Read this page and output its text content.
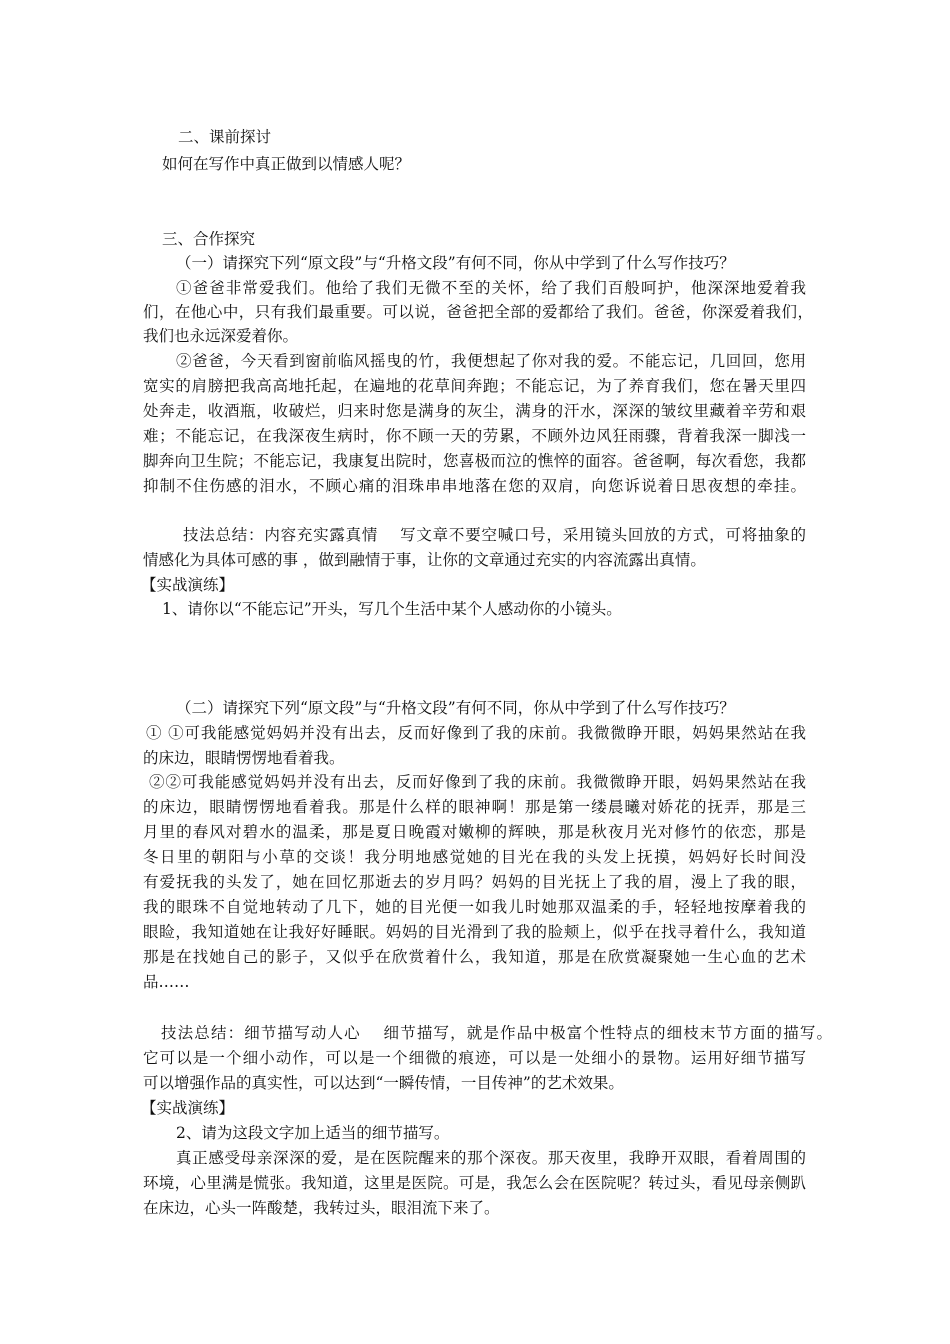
二、课前探讨
如何在写作中真正做到以情感人呢？
三、合作探究
（一）请探究下列“原文段”与“升格文段”有何不同，你从中学到了什么写作技巧？
①爸爸非常爱我们。他给了我们无微不至的关怀，给了我们百般呵护，他深深地爱着我
们，在他心中，只有我们最重要。可以说，爸爸把全部的爱都给了我们。爸爸，你深爱着我们，
我们也永远深爱着你。
②爸爸，今天看到窗前临风摇曳的竹，我便想起了你对我的爱。不能忘记，几回回，您用
宽实的肩膀把我高高地托起，在遍地的花草间奔跑；不能忘记，为了养育我们，您在暑天里四
处奔走，收酒瓶，收破烂，归来时您是满身的灰尘，满身的汗水，深深的皱纹里藏着辛劳和艰
难；不能忘记，在我深夜生病时，你不顾一天的劳累，不顾外边风狂雨骤，背着我深一脚浅一
脚奔向卫生院；不能忘记，我康复出院时，您喜极而泣的憔悴的面容。爸爸啊，每次看您，我都
抑制不住伤感的泪水，不顾心痛的泪珠串串地落在您的双肩，向您诉说着日思夜想的牵挂。
技法总结：内容充实露真情　 写文章不要空喊口号，采用镜头回放的方式，可将抽象的
情感化为具体可感的事 ，做到融情于事，让你的文章通过充实的内容流露出真情。
【实战演练】
1、请你以“不能忘记”开头，写几个生活中某个人感动你的小镜头。
（二）请探究下列“原文段”与“升格文段”有何不同，你从中学到了什么写作技巧？
① ①可我能感觉妈妈并没有出去，反而好像到了我的床前。我微微睁开眼，妈妈果然站在我
的床边，眼睛愣愣地看着我。
②②可我能感觉妈妈并没有出去，反而好像到了我的床前。我微微睁开眼，妈妈果然站在我
的床边，眼睛愣愣地看着我。那是什么样的眼神啊！那是第一缕晨曦对娇花的抚弄，那是三
月里的春风对碧水的温柔，那是夏日晚霞对嫩柳的辉映，那是秋夜月光对修竹的依恋，那是
冬日里的朝阳与小草的交谈！我分明地感觉她的目光在我的头发上抚摸，妈妈好长时间没
有爱抚我的头发了，她在回忆那逝去的岁月吗？妈妈的目光抚上了我的眉，漫上了我的眼，
我的眼珠不自觉地转动了几下，她的目光便一如我儿时她那双温柔的手，轻轻地按摩着我的
眼睑，我知道她在让我好好睡眠。妈妈的目光滑到了我的脸颊上，似乎在找寻着什么，我知道
那是在找她自己的影子，又似乎在欣赏着什么，我知道，那是在欣赏凝聚她一生心血的艺术
品……
技法总结：细节描写动人心　 细节描写，就是作品中极富个性特点的细枝末节方面的描写。
它可以是一个细小动作，可以是一个细微的痕迹，可以是一处细小的景物。运用好细节描写
可以增强作品的真实性，可以达到“一瞬传情，一目传神”的艺术效果。
【实战演练】
2、请为这段文字加上适当的细节描写。
真正感受母亲深深的爱，是在医院醒来的那个深夜。那天夜里，我睁开双眼，看着周围的
环境，心里满是慌张。我知道，这里是医院。可是，我怎么会在医院呢？转过头，看见母亲侧趴
在床边，心头一阵酸楚，我转过头，眼泪流下来了。
